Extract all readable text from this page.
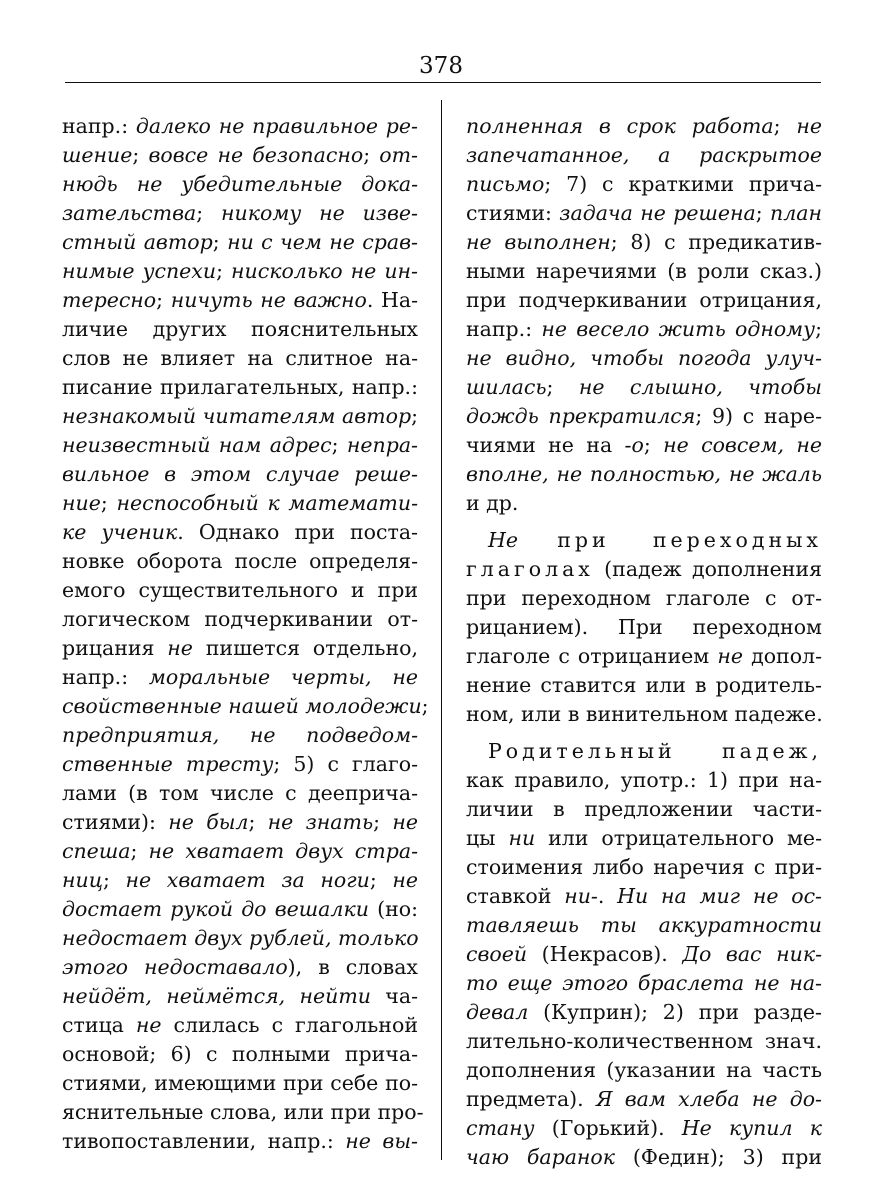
378
напр.: далеко не правильное ре-
шение; вовсе не безопасно; от-
нюдь не убедительные дока-
зательства; никому не изве-
стный автор; ни с чем не срав-
нимые успехи; нисколько не ин-
тересно; ничуть не важно. На-
личие других пояснительных
слов не влияет на слитное на-
писание прилагательных, напр.:
незнакомый читателям автор;
неизвестный нам адрес; непра-
вильное в этом случае реше-
ние; неспособный к математи-
ке ученик. Однако при поста-
новке оборота после определя-
емого существительного и при
логическом подчеркивании от-
рицания не пишется отдельно,
напр.: моральные черты, не
свойственные нашей молодежи;
предприятия, не подведом-
ственные тресту; 5) с глаго-
лами (в том числе с дееприча-
стиями): не был; не знать; не
спеша; не хватает двух стра-
ниц; не хватает за ноги; не
достает рукой до вешалки (но:
недостает двух рублей, только
этого недоставало), в словах
нейдёт, неймётся, нейти ча-
стица не слилась с глагольной
основой; 6) с полными прича-
стиями, имеющими при себе по-
яснительные слова, или при про-
тивопоставлении, напр.: не вы-
полненная в срок работа; не
запечатанное, а раскрытое
письмо; 7) с краткими прича-
стиями: задача не решена; план
не выполнен; 8) с предикатив-
ными наречиями (в роли сказ.)
при подчеркивании отрицания,
напр.: не весело жить одному;
не видно, чтобы погода улуч-
шилась; не слышно, чтобы
дождь прекратился; 9) с наре-
чиями не на -о; не совсем, не
вполне, не полностью, не жаль
и др.
Не при переходных
глаголах (падеж дополнения
при переходном глаголе с от-
рицанием). При переходном
глаголе с отрицанием не допол-
нение ставится или в родитель-
ном, или в винительном падеже.
Родительный падеж,
как правило, употр.: 1) при на-
личии в предложении части-
цы ни или отрицательного ме-
стоимения либо наречия с при-
ставкой ни-. Ни на миг не ос-
тавляешь ты аккуратности
своей (Некрасов). До вас ник-
то еще этого браслета не на-
девал (Куприн); 2) при разде-
лительно-количественном знач.
дополнения (указании на часть
предмета). Я вам хлеба не до-
стану (Горький). Не купил к
чаю баранок (Федин); 3) при
